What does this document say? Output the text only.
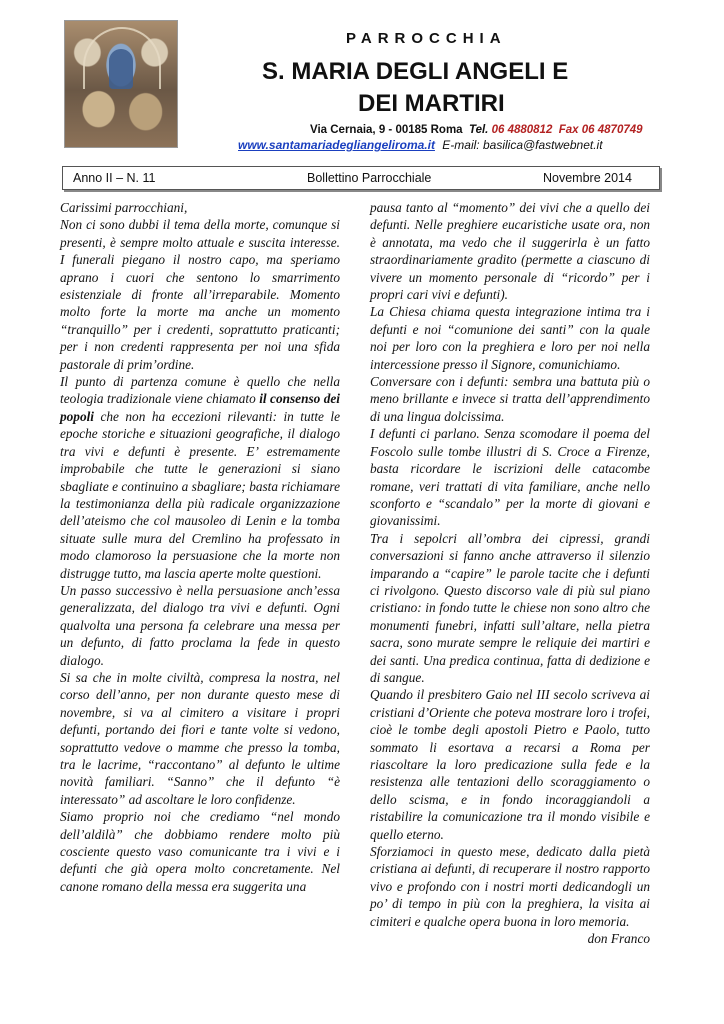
PARROCCHIA
S. MARIA DEGLI ANGELI E
DEI MARTIRI
Via Cernaia, 9 - 00185 Roma Tel. 06 4880812 Fax 06 4870749
www.santamariadegliangeliroma.it E-mail: basilica@fastwebnet.it
Anno II – N. 11	Bollettino Parrocchiale	Novembre 2014

Carissimi parrocchiani,

Non ci sono dubbi il tema della morte, comunque si presenti, è sempre molto attuale e suscita interesse. I funerali piegano il nostro capo, ma speriamo aprano i cuori che sentono lo smarrimento esistenziale di fronte all’irreparabile. Momento molto forte la morte ma anche un momento “tranquillo” per i credenti, soprattutto praticanti; per i non credenti rappresenta per noi una sfida pastorale di prim’ordine.

Il punto di partenza comune è quello che nella teologia tradizionale viene chiamato il consenso dei popoli che non ha eccezioni rilevanti: in tutte le epoche storiche e situazioni geografiche, il dialogo tra vivi e defunti è presente. E’ estremamente improbabile che tutte le generazioni si siano sbagliate e continuino a sbagliare; basta richiamare la testimonianza della più radicale organizzazione dell’ateismo che col mausoleo di Lenin e la tomba situate sulle mura del Cremlino ha professato in modo clamoroso la persuasione che la morte non distrugge tutto, ma lascia aperte molte questioni.

Un passo successivo è nella persuasione anch’essa generalizzata, del dialogo tra vivi e defunti. Ogni qualvolta una persona fa celebrare una messa per un defunto, di fatto proclama la fede in questo dialogo.

Si sa che in molte civiltà, compresa la nostra, nel corso dell’anno, per non durante questo mese di novembre, si va al cimitero a visitare i propri defunti, portando dei fiori e tante volte si vedono, soprattutto vedove o mamme che presso la tomba, tra le lacrime, “raccontano” al defunto le ultime novità familiari. “Sanno” che il defunto “è interessato” ad ascoltare le loro confidenze.

Siamo proprio noi che crediamo “nel mondo dell’aldilà” che dobbiamo rendere molto più cosciente questo vaso comunicante tra i vivi e i defunti che già opera molto concretamente. Nel canone romano della messa era suggerita una

pausa tanto al “momento” dei vivi che a quello dei defunti. Nelle preghiere eucaristiche usate ora, non è annotata, ma vedo che il suggerirla è un fatto straordinariamente gradito (permette a ciascuno di vivere un momento personale di “ricordo” per i propri cari vivi e defunti).

La Chiesa chiama questa integrazione intima tra i defunti e noi “comunione dei santi” con la quale noi per loro con la preghiera e loro per noi nella intercessione presso il Signore, comunichiamo.

Conversare con i defunti: sembra una battuta più o meno brillante e invece si tratta dell’apprendimento di una lingua dolcissima.

I defunti ci parlano. Senza scomodare il poema del Foscolo sulle tombe illustri di S. Croce a Firenze, basta ricordare le iscrizioni delle catacombe romane, veri trattati di vita familiare, anche nello sconforto e “scandalo” per la morte di giovani e giovanissimi.

Tra i sepolcri all’ombra dei cipressi, grandi conversazioni si fanno anche attraverso il silenzio imparando a “capire” le parole tacite che i defunti ci rivolgono. Questo discorso vale di più sul piano cristiano: in fondo tutte le chiese non sono altro che monumenti funebri, infatti sull’altare, nella pietra sacra, sono murate sempre le reliquie dei martiri e dei santi. Una predica continua, fatta di dedizione e di sangue.

Quando il presbitero Gaio nel III secolo scriveva ai cristiani d’Oriente che poteva mostrare loro i trofei, cioè le tombe degli apostoli Pietro e Paolo, tutto sommato li esortava a recarsi a Roma per riascoltare la loro predicazione sulla fede e la resistenza alle tentazioni dello scoraggiamento o dello scisma, e in fondo incoraggiandoli a ristabilire la comunicazione tra il mondo visibile e quello eterno.

Sforziamoci in questo mese, dedicato dalla pietà cristiana ai defunti, di recuperare il nostro rapporto vivo e profondo con i nostri morti dedicandogli un po’ di tempo in più con la preghiera, la visita ai cimiteri e qualche opera buona in loro memoria.

don Franco
